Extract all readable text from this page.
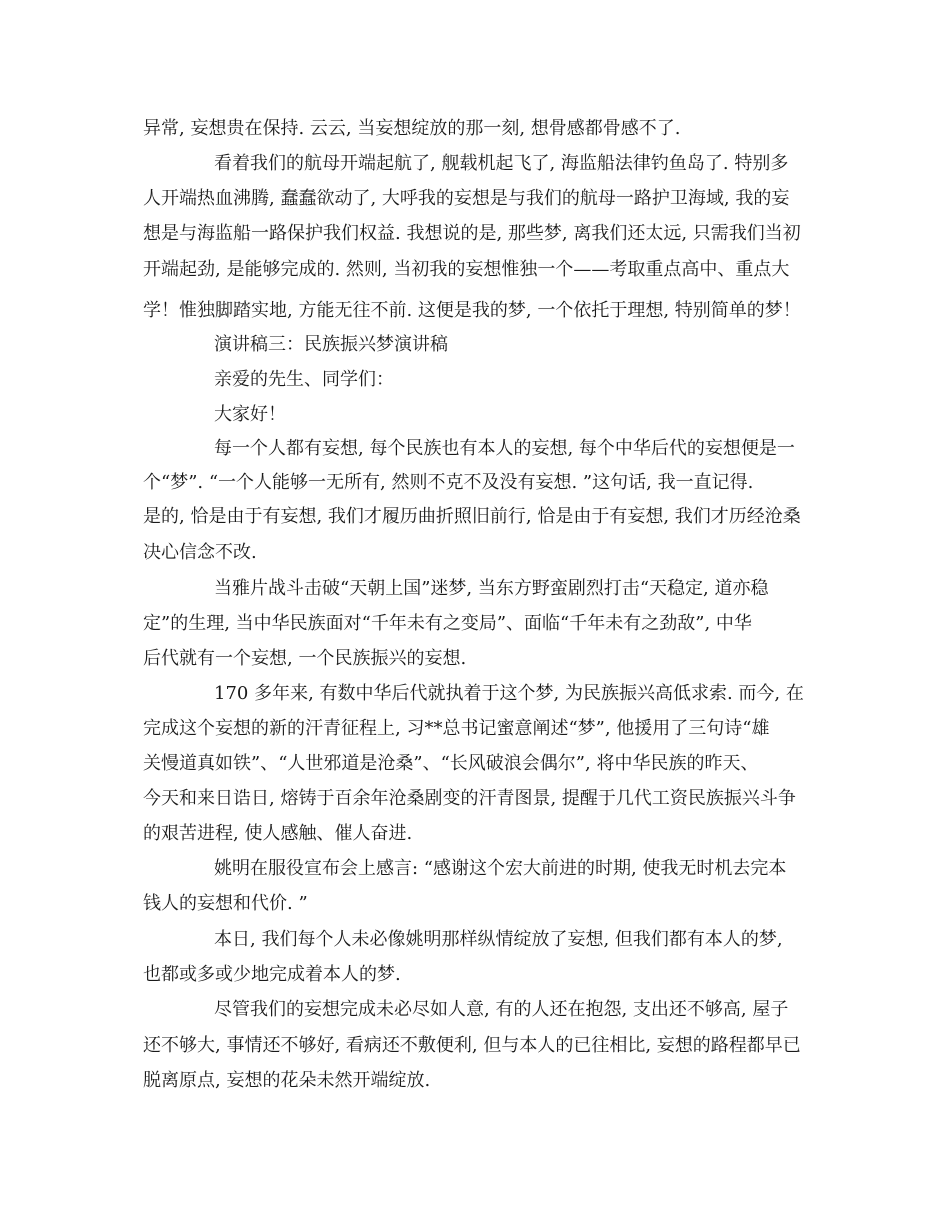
异常, 妄想贵在保持. 云云, 当妄想绽放的那一刻, 想骨感都骨感不了.
看着我们的航母开端起航了, 舰载机起飞了, 海监船法律钓鱼岛了. 特别多
人开端热血沸腾, 蠢蠢欲动了, 大呼我的妄想是与我们的航母一路护卫海域, 我的妄
想是与海监船一路保护我们权益. 我想说的是, 那些梦, 离我们还太远, 只需我们当初
开端起劲, 是能够完成的. 然则, 当初我的妄想惟独一个——考取重点高中、重点大
学！惟独脚踏实地, 方能无往不前. 这便是我的梦, 一个依托于理想, 特别简单的梦！
演讲稿三：民族振兴梦演讲稿
亲爱的先生、同学们：
大家好！
每一个人都有妄想, 每个民族也有本人的妄想, 每个中华后代的妄想便是一
个“梦”. “一个人能够一无所有, 然则不克不及没有妄想. ”这句话, 我一直记得.
是的, 恰是由于有妄想, 我们才履历曲折照旧前行, 恰是由于有妄想, 我们才历经沧桑
决心信念不改.
当雅片战斗击破“天朝上国”迷梦, 当东方野蛮剧烈打击“天稳定, 道亦稳
定”的生理, 当中华民族面对“千年未有之变局”、面临“千年未有之劲敌”, 中华
后代就有一个妄想, 一个民族振兴的妄想.
170 多年来, 有数中华后代就执着于这个梦, 为民族振兴高低求索. 而今, 在
完成这个妄想的新的汗青征程上, 习**总书记蜜意阐述“梦”, 他援用了三句诗“雄
关慢道真如铁”、“人世邪道是沧桑”、“长风破浪会偶尔”, 将中华民族的昨天、
今天和来日诰日, 熔铸于百余年沧桑剧变的汗青图景, 提醒于几代工资民族振兴斗争
的艰苦进程, 使人感触、催人奋进.
姚明在服役宣布会上感言: “感谢这个宏大前进的时期, 使我无时机去完本
钱人的妄想和代价. ”
本日, 我们每个人未必像姚明那样纵情绽放了妄想, 但我们都有本人的梦,
也都或多或少地完成着本人的梦.
尽管我们的妄想完成未必尽如人意, 有的人还在抱怨, 支出还不够高, 屋子
还不够大, 事情还不够好, 看病还不敷便利, 但与本人的已往相比, 妄想的路程都早已
脱离原点, 妄想的花朵未然开端绽放.
